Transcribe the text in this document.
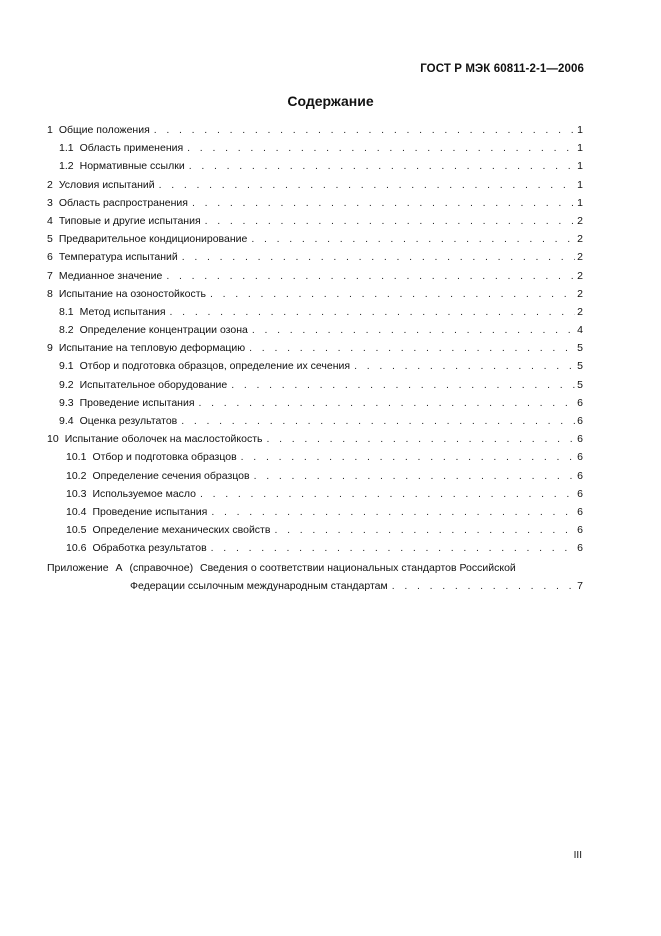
ГОСТ Р МЭК 60811-2-1—2006
Содержание
1 Общие положения . . .	1
1.1 Область применения . . .	1
1.2 Нормативные ссылки . . .	1
2 Условия испытаний . . .	1
3 Область распространения . . .	1
4 Типовые и другие испытания . . .	2
5 Предварительное кондиционирование . . .	2
6 Температура испытаний . . .	2
7 Медианное значение . . .	2
8 Испытание на озоностойкость . . .	2
8.1 Метод испытания . . .	2
8.2 Определение концентрации озона . . .	4
9 Испытание на тепловую деформацию . . .	5
9.1 Отбор и подготовка образцов, определение их сечения . . .	5
9.2 Испытательное оборудование . . .	5
9.3 Проведение испытания . . .	6
9.4 Оценка результатов . . .	6
10 Испытание оболочек на маслостойкость . . .	6
10.1 Отбор и подготовка образцов . . .	6
10.2 Определение сечения образцов . . .	6
10.3 Используемое масло . . .	6
10.4 Проведение испытания . . .	6
10.5 Определение механических свойств . . .	6
10.6 Обработка результатов . . .	6
Приложение А (справочное) Сведения о соответствии национальных стандартов Российской
Федерации ссылочным международным стандартам . . .	7
III
